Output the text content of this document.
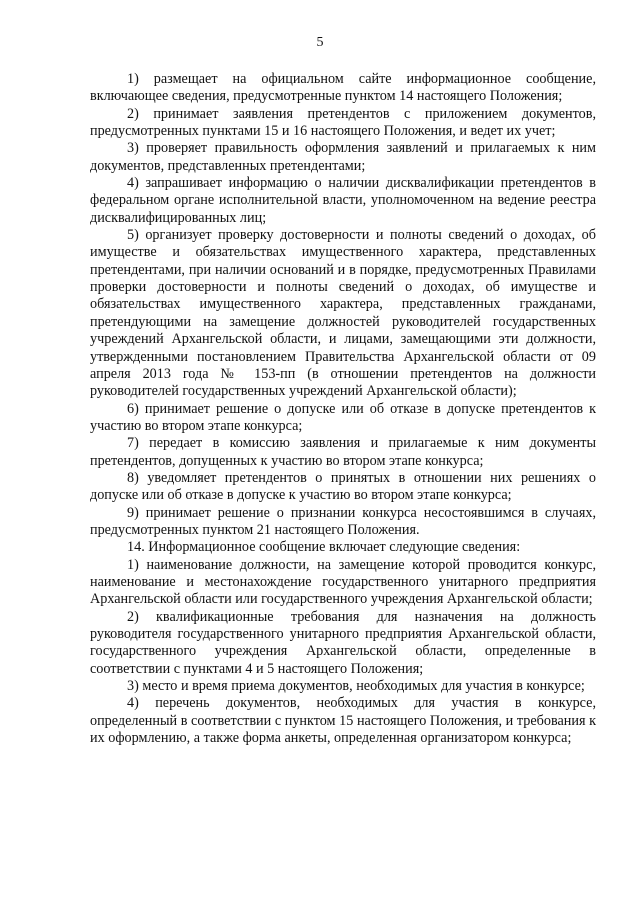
5

1) размещает на официальном сайте информационное сообщение, включающее сведения, предусмотренные пунктом 14 настоящего Положения;

2) принимает заявления претендентов с приложением документов, предусмотренных пунктами 15 и 16 настоящего Положения, и ведет их учет;

3) проверяет правильность оформления заявлений и прилагаемых к ним документов, представленных претендентами;

4) запрашивает информацию о наличии дисквалификации претендентов в федеральном органе исполнительной власти, уполномоченном на ведение реестра дисквалифицированных лиц;

5) организует проверку достоверности и полноты сведений о доходах, об имуществе и обязательствах имущественного характера, представленных претендентами, при наличии оснований и в порядке, предусмотренных Правилами проверки достоверности и полноты сведений о доходах, об имуществе и обязательствах имущественного характера, представленных гражданами, претендующими на замещение должностей руководителей государственных учреждений Архангельской области, и лицами, замещающими эти должности, утвержденными постановлением Правительства Архангельской области от 09 апреля 2013 года № 153-пп (в отношении претендентов на должности руководителей государственных учреждений Архангельской области);

6) принимает решение о допуске или об отказе в допуске претендентов к участию во втором этапе конкурса;

7) передает в комиссию заявления и прилагаемые к ним документы претендентов, допущенных к участию во втором этапе конкурса;

8) уведомляет претендентов о принятых в отношении них решениях о допуске или об отказе в допуске к участию во втором этапе конкурса;

9) принимает решение о признании конкурса несостоявшимся в случаях, предусмотренных пунктом 21 настоящего Положения.

14. Информационное сообщение включает следующие сведения:

1) наименование должности, на замещение которой проводится конкурс, наименование и местонахождение государственного унитарного предприятия Архангельской области или государственного учреждения Архангельской области;

2) квалификационные требования для назначения на должность руководителя государственного унитарного предприятия Архангельской области, государственного учреждения Архангельской области, определенные в соответствии с пунктами 4 и 5 настоящего Положения;

3) место и время приема документов, необходимых для участия в конкурсе;

4) перечень документов, необходимых для участия в конкурсе, определенный в соответствии с пунктом 15 настоящего Положения, и требования к их оформлению, а также форма анкеты, определенная организатором конкурса;
